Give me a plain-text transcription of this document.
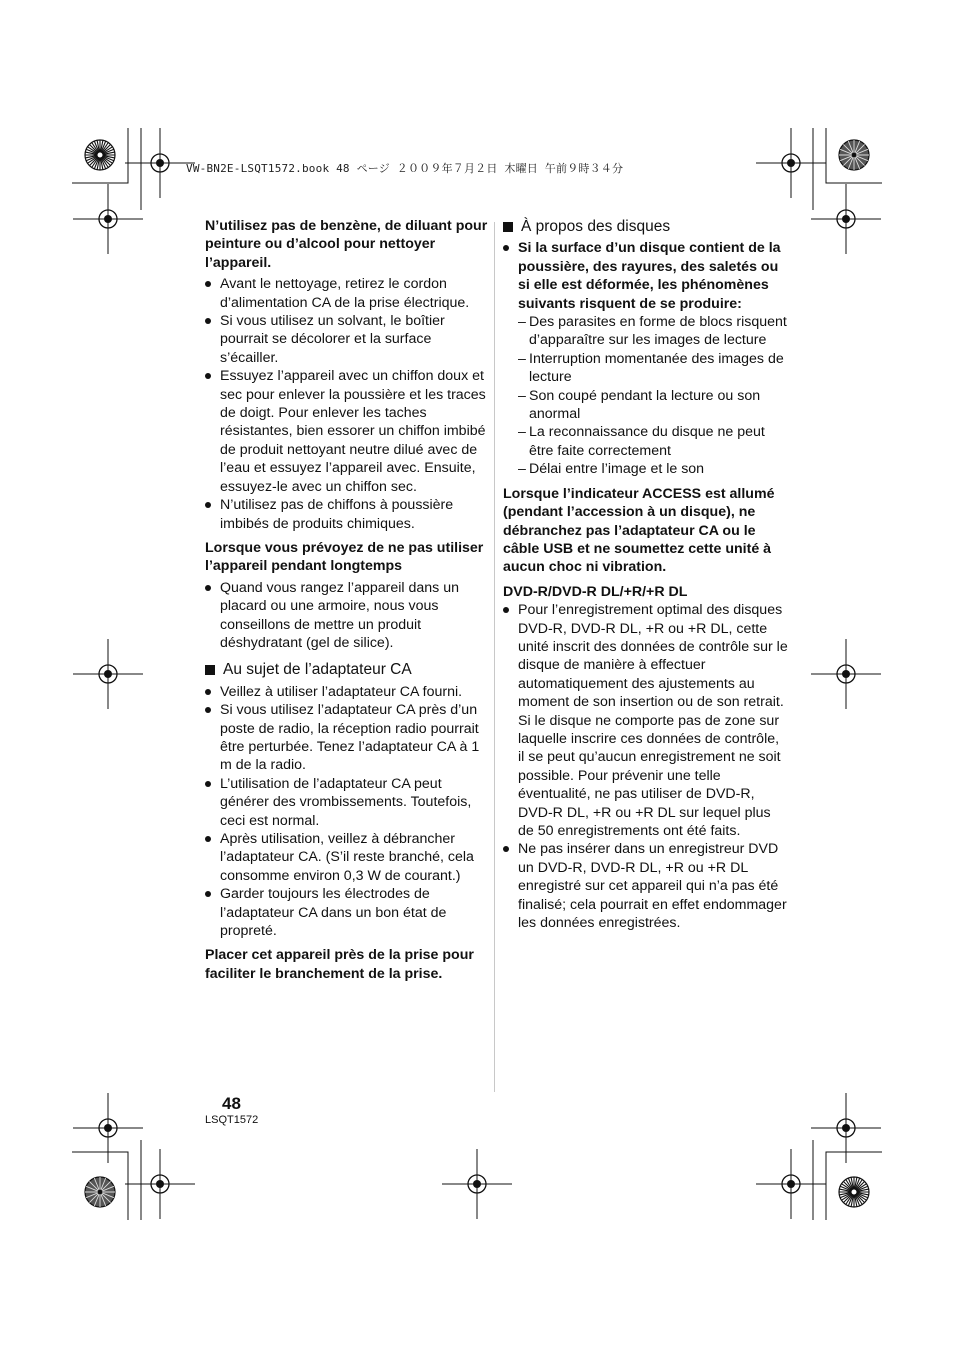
VW-BN2E-LSQT1572.book 48 ページ ２００９年７月２日 木曜日 午前９時３４分

N’utilisez pas de benzène, de diluant pour peinture ou d’alcool pour nettoyer l’appareil.

Avant le nettoyage, retirez le cordon d’alimentation CA de la prise électrique.
Si vous utilisez un solvant, le boîtier pourrait se décolorer et la surface s’écailler.
Essuyez l’appareil avec un chiffon doux et sec pour enlever la poussière et les traces de doigt. Pour enlever les taches résistantes, bien essorer un chiffon imbibé de produit nettoyant neutre dilué avec de l’eau et essuyez l’appareil avec. Ensuite, essuyez-le avec un chiffon sec.
N’utilisez pas de chiffons à poussière imbibés de produits chimiques.

Lorsque vous prévoyez de ne pas utiliser l’appareil pendant longtemps

Quand vous rangez l’appareil dans un placard ou une armoire, nous vous conseillons de mettre un produit déshydratant (gel de silice).
Au sujet de l’adaptateur CA
Veillez à utiliser l’adaptateur CA fourni.
Si vous utilisez l’adaptateur CA près d’un poste de radio, la réception radio pourrait être perturbée. Tenez l’adaptateur CA à 1 m de la radio.
L’utilisation de l’adaptateur CA peut générer des vrombissements. Toutefois, ceci est normal.
Après utilisation, veillez à débrancher l’adaptateur CA. (S’il reste branché, cela consomme environ 0,3 W de courant.)
Garder toujours les électrodes de l’adaptateur CA dans un bon état de propreté.

Placer cet appareil près de la prise pour faciliter le branchement de la prise.

À propos des disques
Si la surface d’un disque contient de la poussière, des rayures, des saletés ou si elle est déformée, les phénomènes suivants risquent de se produire:
– Des parasites en forme de blocs risquent d’apparaître sur les images de lecture
– Interruption momentanée des images de lecture
– Son coupé pendant la lecture ou son anormal
– La reconnaissance du disque ne peut être faite correctement
– Délai entre l’image et le son

Lorsque l’indicateur ACCESS est allumé (pendant l’accession à un disque), ne débranchez pas l’adaptateur CA ou le câble USB et ne soumettez cette unité à aucun choc ni vibration.

DVD-R/DVD-R DL/+R/+R DL

Pour l’enregistrement optimal des disques DVD-R, DVD-R DL, +R ou +R DL, cette unité inscrit des données de contrôle sur le disque de manière à effectuer automatiquement des ajustements au moment de son insertion ou de son retrait. Si le disque ne comporte pas de zone sur laquelle inscrire ces données de contrôle, il se peut qu’aucun enregistrement ne soit possible. Pour prévenir une telle éventualité, ne pas utiliser de DVD-R, DVD-R DL, +R ou +R DL sur lequel plus de 50 enregistrements ont été faits.
Ne pas insérer dans un enregistreur DVD un DVD-R, DVD-R DL, +R ou +R DL enregistré sur cet appareil qui n’a pas été finalisé; cela pourrait en effet endommager les données enregistrées.
48
LSQT1572
